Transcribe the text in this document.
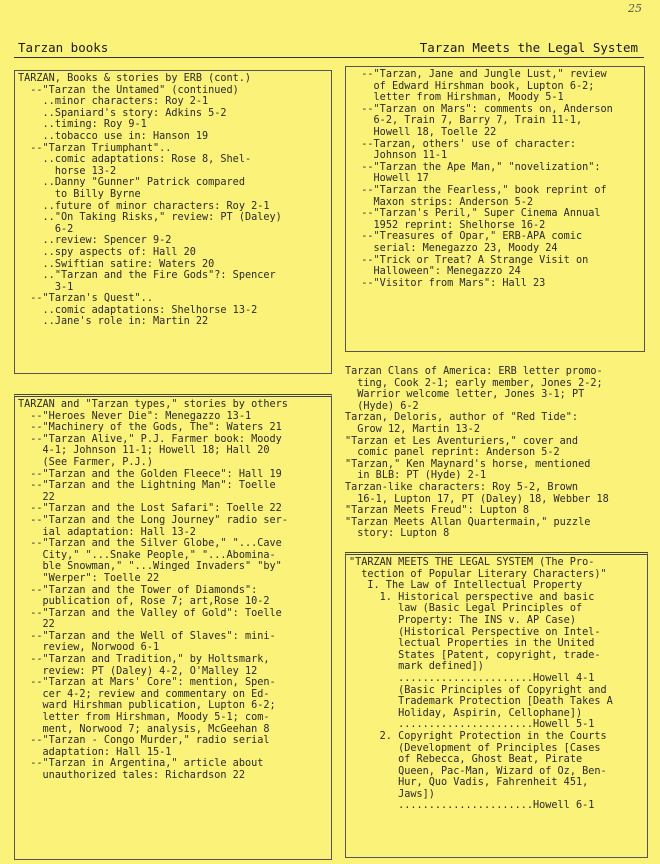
25
Tarzan books	Tarzan Meets the Legal System
TARZAN, Books & stories by ERB (cont.)
--"Tarzan the Untamed" (continued)
..minor characters: Roy 2-1
..Spaniard's story: Adkins 5-2
..timing: Roy 9-1
..tobacco use in: Hanson 19
--"Tarzan Triumphant"..
..comic adaptations: Rose 8, Shel-
horse 13-2
..Danny "Gunner" Patrick compared
to Billy Byrne
..future of minor characters: Roy 2-1
.."On Taking Risks," review: PT (Daley)
6-2
..review: Spencer 9-2
..spy aspects of: Hall 20
..Swiftian satire: Waters 20
.."Tarzan and the Fire Gods"?: Spencer
3-1
--"Tarzan's Quest"..
..comic adaptations: Shelhorse 13-2
..Jane's role in: Martin 22
TARZAN and "Tarzan types," stories by others
--"Heroes Never Die": Menegazzo 13-1
--"Machinery of the Gods, The": Waters 21
--"Tarzan Alive," P.J. Farmer book: Moody
4-1; Johnson 11-1; Howell 18; Hall 20
(See Farmer, P.J.)
--"Tarzan and the Golden Fleece": Hall 19
--"Tarzan and the Lightning Man": Toelle
22
--"Tarzan and the Lost Safari": Toelle 22
--"Tarzan and the Long Journey" radio ser-
ial adaptation: Hall 13-2
--"Tarzan and the Silver Globe," "...Cave
City," "...Snake People," "...Abomina-
ble Snowman," "...Winged Invaders" "by"
"Werper": Toelle 22
--"Tarzan and the Tower of Diamonds":
publication of, Rose 7; art,Rose 10-2
--"Tarzan and the Valley of Gold": Toelle
22
--"Tarzan and the Well of Slaves": mini-
review, Norwood 6-1
--"Tarzan and Tradition," by Holtsmark,
review: PT (Daley) 4-2, O'Malley 12
--"Tarzan at Mars' Core": mention, Spen-
cer 4-2; review and commentary on Ed-
ward Hirshman publication, Lupton 6-2;
letter from Hirshman, Moody 5-1; com-
ment, Norwood 7; analysis, McGeehan 8
--"Tarzan - Congo Murder," radio serial
adaptation: Hall 15-1
--"Tarzan in Argentina," article about
unauthorized tales: Richardson 22
--"Tarzan, Jane and Jungle Lust," review
of Edward Hirshman book, Lupton 6-2;
letter from Hirshman, Moody 5-1
--"Tarzan on Mars": comments on, Anderson
6-2, Train 7, Barry 7, Train 11-1,
Howell 18, Toelle 22
--Tarzan, others' use of character:
Johnson 11-1
--"Tarzan the Ape Man," "novelization":
Howell 17
--"Tarzan the Fearless," book reprint of
Maxon strips: Anderson 5-2
--"Tarzan's Peril," Super Cinema Annual
1952 reprint: Shelhorse 16-2
--"Treasures of Opar," ERB-APA comic
serial: Menegazzo 23, Moody 24
--"Trick or Treat? A Strange Visit on
Halloween": Menegazzo 24
--"Visitor from Mars": Hall 23
Tarzan Clans of America: ERB letter promo-
ting, Cook 2-1; early member, Jones 2-2;
Warrior welcome letter, Jones 3-1; PT
(Hyde) 6-2
Tarzan, Deloris, author of "Red Tide":
Grow 12, Martin 13-2
"Tarzan et Les Aventuriers," cover and
comic panel reprint: Anderson 5-2
"Tarzan," Ken Maynard's horse, mentioned
in BLB: PT (Hyde) 2-1
Tarzan-like characters: Roy 5-2, Brown
16-1, Lupton 17, PT (Daley) 18, Webber 18
"Tarzan Meets Freud": Lupton 8
"Tarzan Meets Allan Quartermain," puzzle
story: Lupton 8
"TARZAN MEETS THE LEGAL SYSTEM (The Pro-
tection of Popular Literary Characters)"
I. The Law of Intellectual Property
1. Historical perspective and basic
law (Basic Legal Principles of
Property: The INS v. AP Case)
(Historical Perspective on Intel-
lectual Properties in the United
States [Patent, copyright, trade-
mark defined])
......................Howell 4-1
(Basic Principles of Copyright and
Trademark Protection [Death Takes A
Holiday, Aspirin, Cellophane])
......................Howell 5-1
2. Copyright Protection in the Courts
(Development of Principles [Cases
of Rebecca, Ghost Beat, Pirate
Queen, Pac-Man, Wizard of Oz, Ben-
Hur, Quo Vadis, Fahrenheit 451,
Jaws])
......................Howell 6-1
